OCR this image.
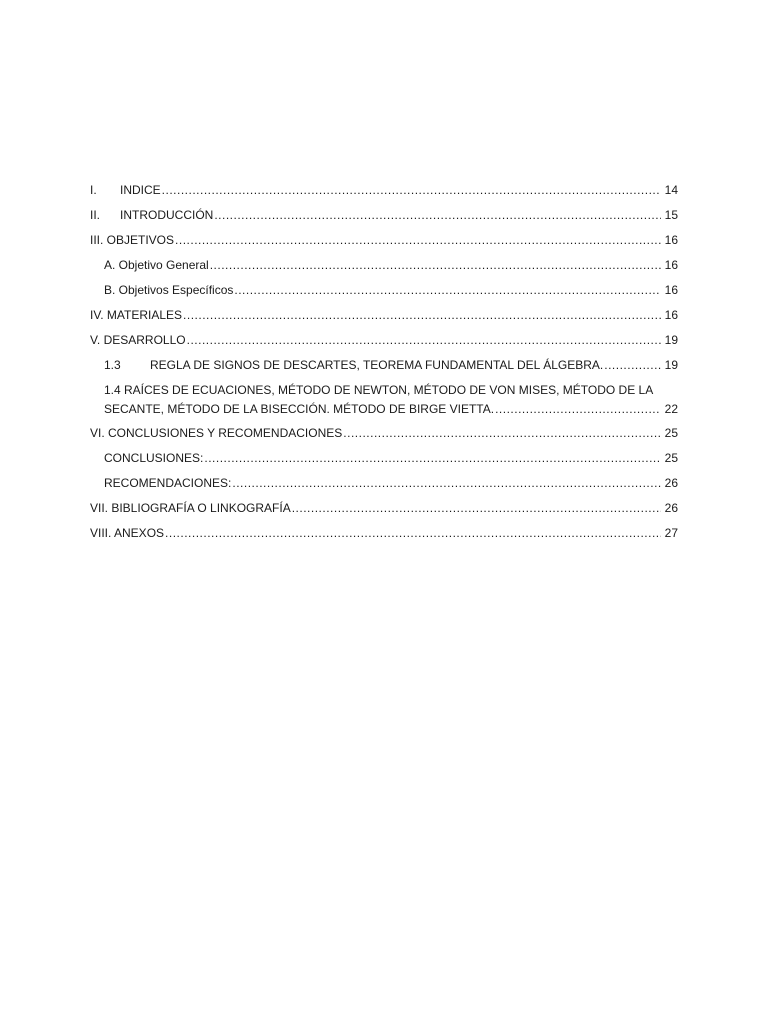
I.	INDICE .....	14
II.	INTRODUCCIÓN .....	15
III. OBJETIVOS .....	16
A. Objetivo General .....	16
B. Objetivos Específicos .....	16
IV. MATERIALES .....	16
V. DESARROLLO .....	19
1.3	REGLA DE SIGNOS DE DESCARTES, TEOREMA FUNDAMENTAL DEL ÁLGEBRA. .....	19
1.4 RAÍCES DE ECUACIONES, MÉTODO DE NEWTON, MÉTODO DE VON MISES, MÉTODO DE LA
SECANTE, MÉTODO DE LA BISECCIÓN. MÉTODO DE BIRGE VIETTA. .....	22
VI. CONCLUSIONES Y RECOMENDACIONES .....	25
CONCLUSIONES: .....	25
RECOMENDACIONES: .....	26
VII. BIBLIOGRAFÍA O LINKOGRAFÍA .....	26
VIII. ANEXOS .....	27
